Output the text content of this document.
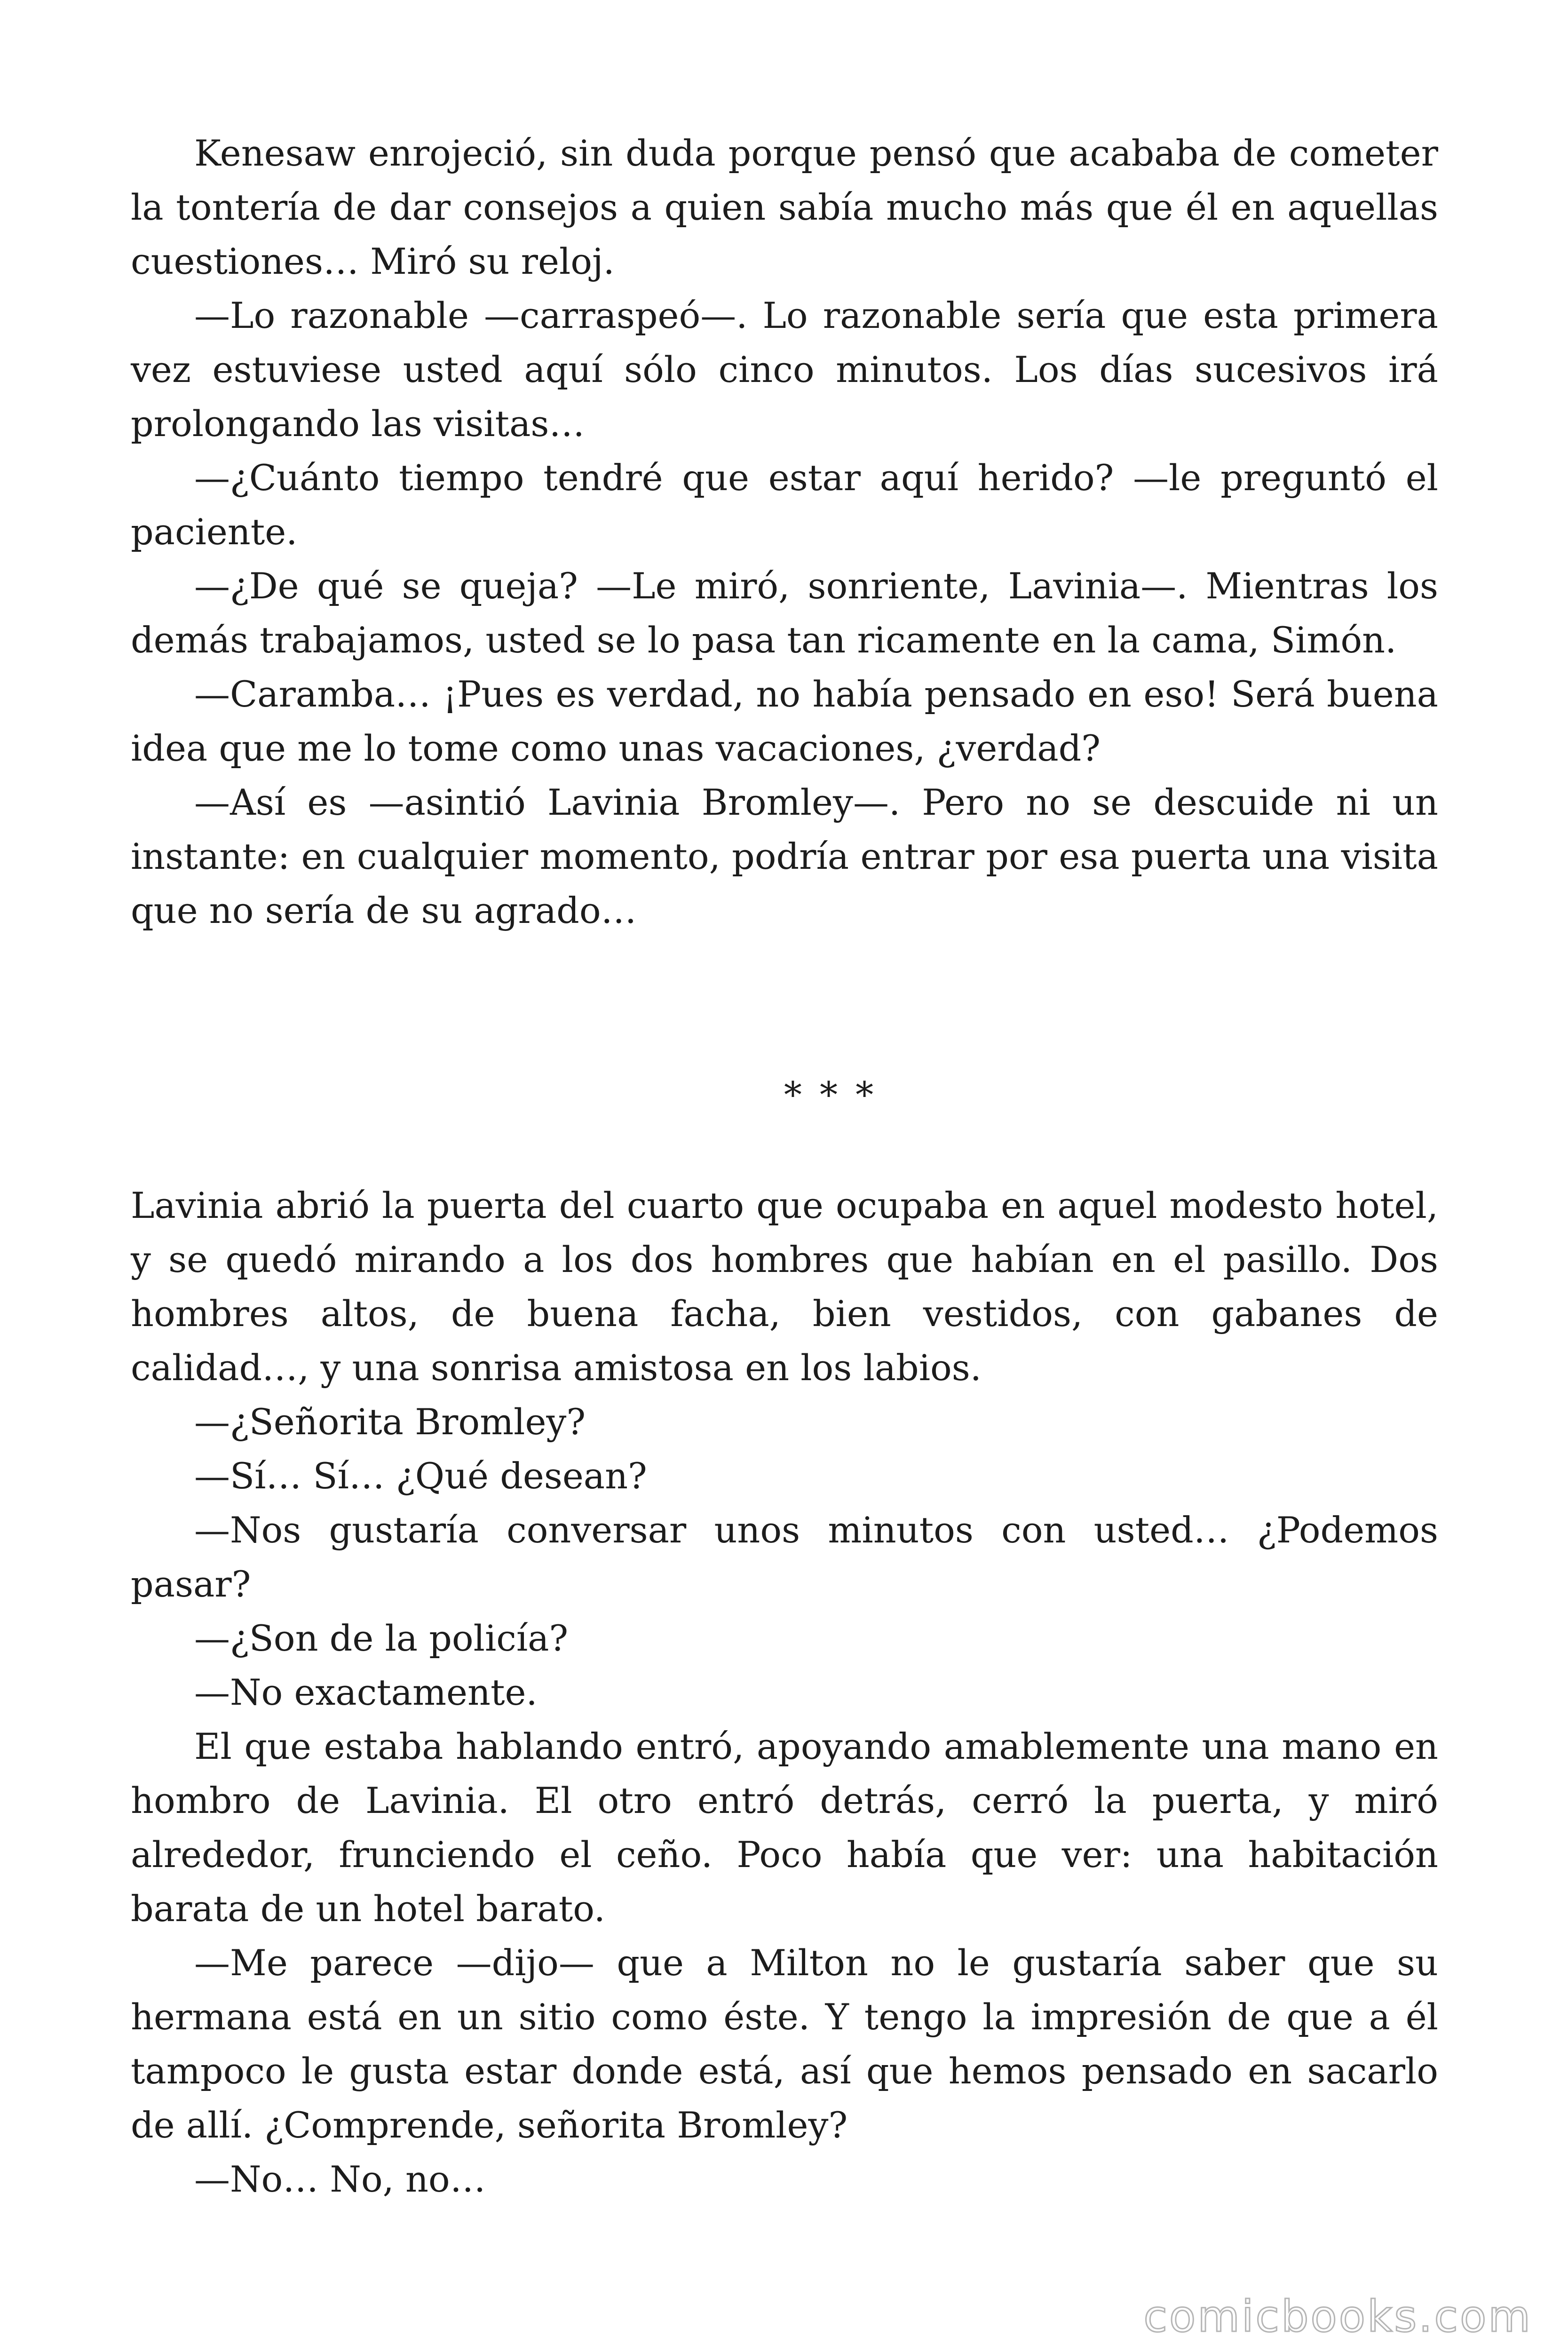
Kenesaw enrojeció, sin duda porque pensó que acababa de cometer la tontería de dar consejos a quien sabía mucho más que él en aquellas cuestiones… Miró su reloj.

—Lo razonable —carraspeó—. Lo razonable sería que esta primera vez estuviese usted aquí sólo cinco minutos. Los días sucesivos irá prolongando las visitas…

—¿Cuánto tiempo tendré que estar aquí herido? —le preguntó el paciente.

—¿De qué se queja? —Le miró, sonriente, Lavinia—. Mientras los demás trabajamos, usted se lo pasa tan ricamente en la cama, Simón.

—Caramba… ¡Pues es verdad, no había pensado en eso! Será buena idea que me lo tome como unas vacaciones, ¿verdad?

—Así es —asintió Lavinia Bromley—. Pero no se descuide ni un instante: en cualquier momento, podría entrar por esa puerta una visita que no sería de su agrado…

* * *

Lavinia abrió la puerta del cuarto que ocupaba en aquel modesto hotel, y se quedó mirando a los dos hombres que habían en el pasillo. Dos hombres altos, de buena facha, bien vestidos, con gabanes de calidad…, y una sonrisa amistosa en los labios.

—¿Señorita Bromley?

—Sí… Sí… ¿Qué desean?

—Nos gustaría conversar unos minutos con usted… ¿Podemos pasar?

—¿Son de la policía?

—No exactamente.

El que estaba hablando entró, apoyando amablemente una mano en hombro de Lavinia. El otro entró detrás, cerró la puerta, y miró alrededor, frunciendo el ceño. Poco había que ver: una habitación barata de un hotel barato.

—Me parece —dijo— que a Milton no le gustaría saber que su hermana está en un sitio como éste. Y tengo la impresión de que a él tampoco le gusta estar donde está, así que hemos pensado en sacarlo de allí. ¿Comprende, señorita Bromley?

—No… No, no…

comicbooks.com
